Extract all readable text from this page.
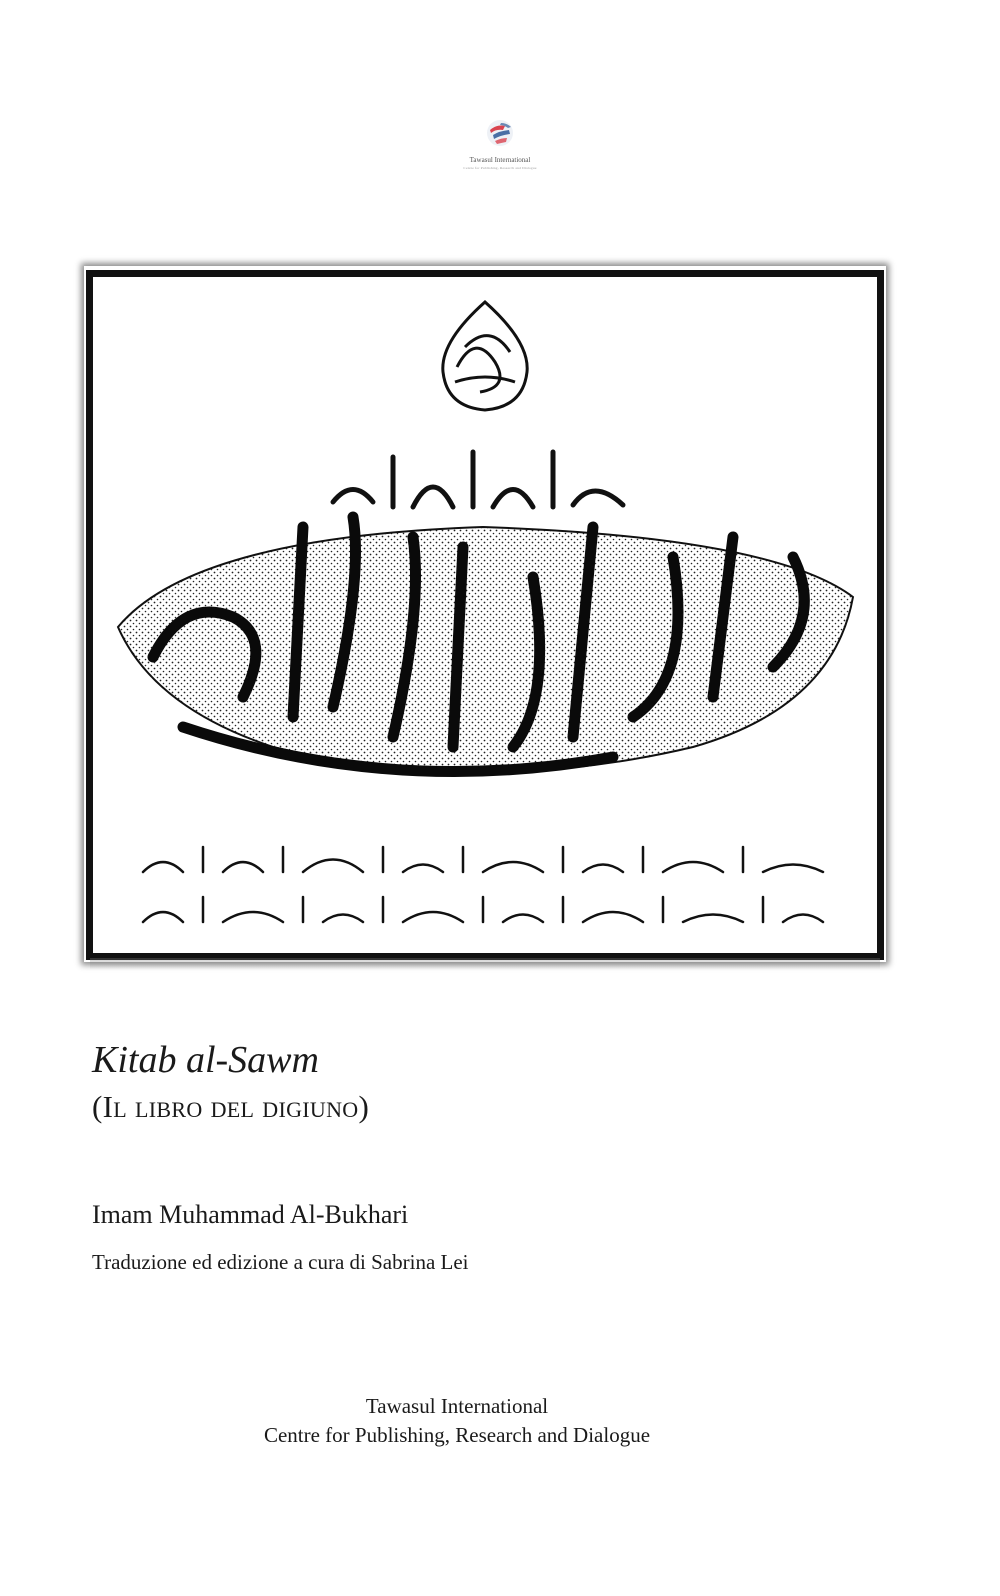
Tawasul International
Centre for Publishing, Research and Dialogue
Kitab al-Sawm
(Il libro del digiuno)
Imam Muhammad Al-Bukhari
Traduzione ed edizione a cura di Sabrina Lei
Tawasul International
Centre for Publishing, Research and Dialogue
